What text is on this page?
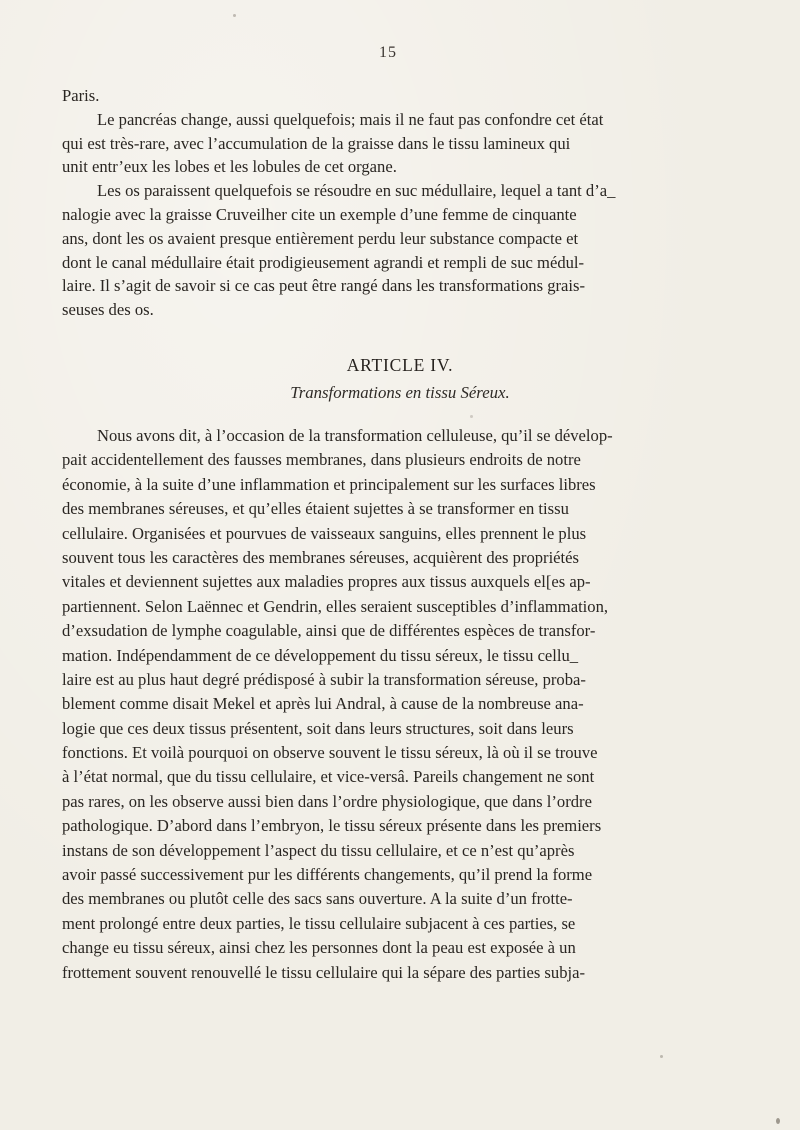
15
Paris.
Le pancréas change, aussi quelquefois; mais il ne faut pas confondre cet état
qui est très-rare, avec l’accumulation de la graisse dans le tissu lamineux qui
unit entr’eux les lobes et les lobules de cet organe.
Les os paraissent quelquefois se résoudre en suc médullaire, lequel a tant d’a_
nalogie avec la graisse Cruveilher cite un exemple d’une femme de cinquante
ans, dont les os avaient presque entièrement perdu leur substance compacte et
dont le canal médullaire était prodigieusement agrandi et rempli de suc médul-
laire. Il s’agit de savoir si ce cas peut être rangé dans les transformations grais-
seuses des os.
ARTICLE IV.
Transformations en tissu Séreux.
Nous avons dit, à l’occasion de la transformation celluleuse, qu’il se dévelop-
pait accidentellement des fausses membranes, dans plusieurs endroits de notre
économie, à la suite d’une inflammation et principalement sur les surfaces libres
des membranes séreuses, et qu’elles étaient sujettes à se transformer en tissu
cellulaire. Organisées et pourvues de vaisseaux sanguins, elles prennent le plus
souvent tous les caractères des membranes séreuses, acquièrent des propriétés
vitales et deviennent sujettes aux maladies propres aux tissus auxquels el[es ap-
partiennent. Selon Laënnec et Gendrin, elles seraient susceptibles d’inflammation,
d’exsudation de lymphe coagulable, ainsi que de différentes espèces de transfor-
mation. Indépendamment de ce développement du tissu séreux, le tissu cellu_
laire est au plus haut degré prédisposé à subir la transformation séreuse, proba-
blement comme disait Mekel et après lui Andral, à cause de la nombreuse ana-
logie que ces deux tissus présentent, soit dans leurs structures, soit dans leurs
fonctions. Et voilà pourquoi on observe souvent le tissu séreux, là où il se trouve
à l’état normal, que du tissu cellulaire, et vice-versâ. Pareils changement ne sont
pas rares, on les observe aussi bien dans l’ordre physiologique, que dans l’ordre
pathologique. D’abord dans l’embryon, le tissu séreux présente dans les premiers
instans de son développement l’aspect du tissu cellulaire, et ce n’est qu’après
avoir passé successivement pur les différents changements, qu’il prend la forme
des membranes ou plutôt celle des sacs sans ouverture. A la suite d’un frotte-
ment prolongé entre deux parties, le tissu cellulaire subjacent à ces parties, se
change eu tissu séreux, ainsi chez les personnes dont la peau est exposée à un
frottement souvent renouvellé le tissu cellulaire qui la sépare des parties subja-
